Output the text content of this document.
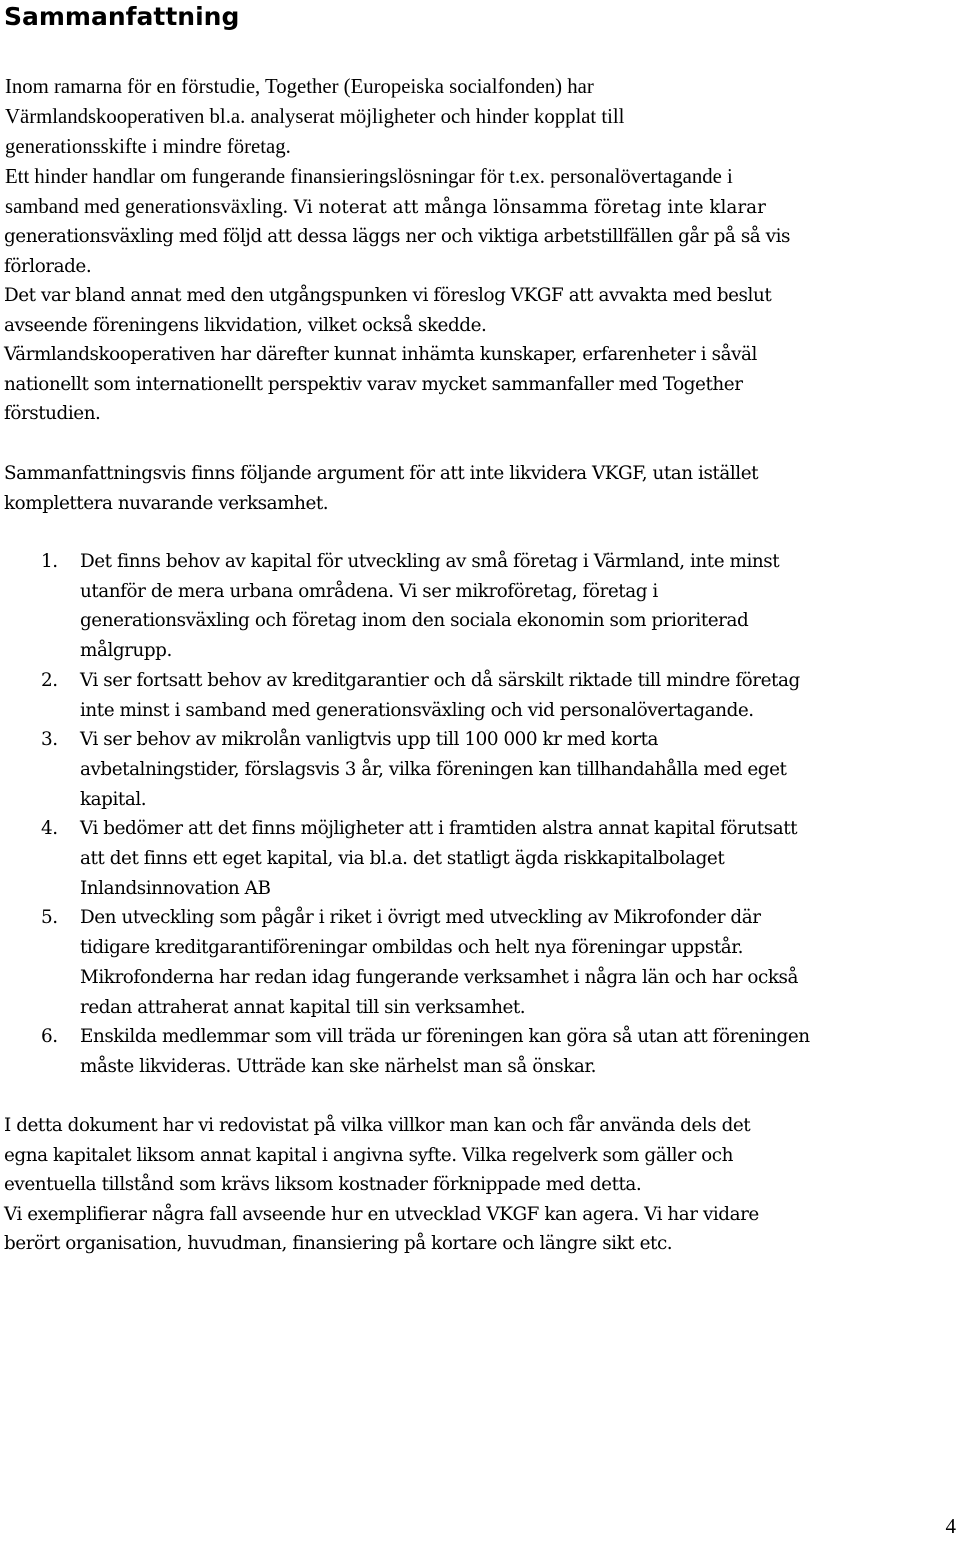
Sammanfattning
Inom ramarna för en förstudie, Together (Europeiska socialfonden) har
Värmlandskooperativen bl.a. analyserat möjligheter och hinder kopplat till
generationsskifte i mindre företag.
Ett hinder handlar om fungerande finansieringslösningar för t.ex. personalövertagande i
samband med generationsväxling. Vi noterat att många lönsamma företag inte klarar
generationsväxling med följd att dessa läggs ner och viktiga arbetstillfällen går på så vis
förlorade.
Det var bland annat med den utgångspunken vi föreslog VKGF att avvakta med beslut
avseende föreningens likvidation, vilket också skedde.
Värmlandskooperativen har därefter kunnat inhämta kunskaper, erfarenheter i såväl
nationellt som internationellt perspektiv varav mycket sammanfaller med Together
förstudien.
Sammanfattningsvis finns följande argument för att inte likvidera VKGF, utan istället
komplettera nuvarande verksamhet.
1. Det finns behov av kapital för utveckling av små företag i Värmland, inte minst
utanför de mera urbana områdena. Vi ser mikroföretag, företag i
generationsväxling och företag inom den sociala ekonomin som prioriterad
målgrupp.
2. Vi ser fortsatt behov av kreditgarantier och då särskilt riktade till mindre företag
inte minst i samband med generationsväxling och vid personalövertagande.
3. Vi ser behov av mikrolån vanligtvis upp till 100 000 kr med korta
avbetalningstider, förslagsvis 3 år, vilka föreningen kan tillhandahålla med eget
kapital.
4. Vi bedömer att det finns möjligheter att i framtiden alstra annat kapital förutsatt
att det finns ett eget kapital, via bl.a. det statligt ägda riskkapitalbolaget
Inlandsinnovation AB
5. Den utveckling som pågår i riket i övrigt med utveckling av Mikrofonder där
tidigare kreditgarantiföreningar ombildas och helt nya föreningar uppstår.
Mikrofonderna har redan idag fungerande verksamhet i några län och har också
redan attraherat annat kapital till sin verksamhet.
6. Enskilda medlemmar som vill träda ur föreningen kan göra så utan att föreningen
måste likvideras. Utträde kan ske närhelst man så önskar.
I detta dokument har vi redovistat på vilka villkor man kan och får använda dels det
egna kapitalet liksom annat kapital i angivna syfte. Vilka regelverk som gäller och
eventuella tillstånd som krävs liksom kostnader förknippade med detta.
Vi exemplifierar några fall avseende hur en utvecklad VKGF kan agera. Vi har vidare
berört organisation, huvudman, finansiering på kortare och längre sikt etc.
4
